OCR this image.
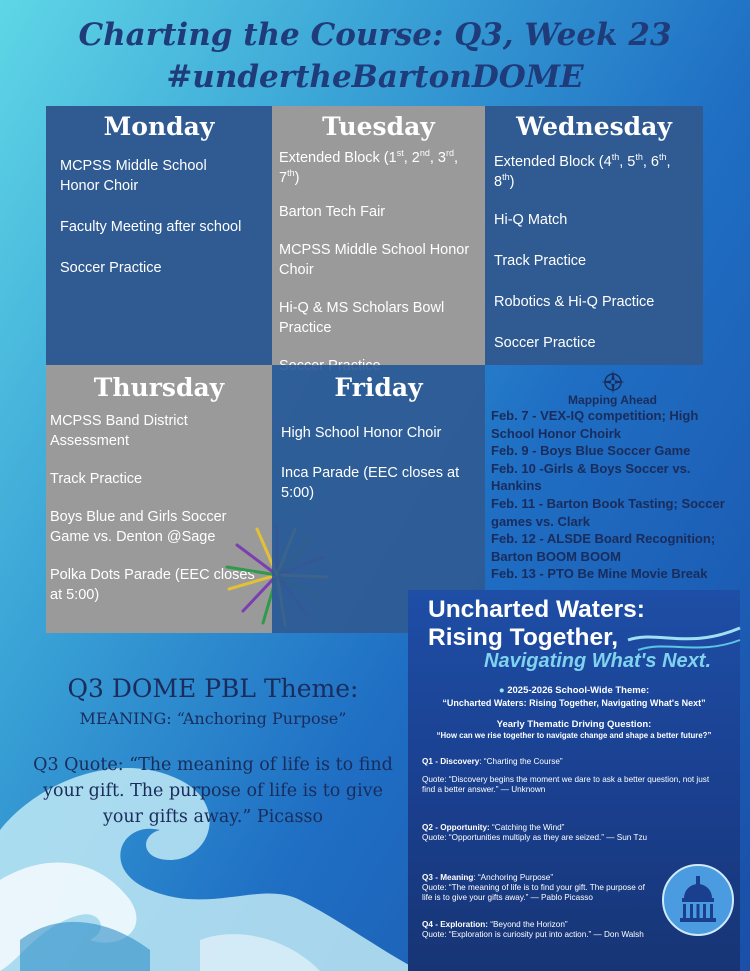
Charting the Course: Q3, Week 23
#undertheBartonDOME
Monday
MCPSS Middle School Honor Choir
Faculty Meeting after school
Soccer Practice
Tuesday
Extended Block (1st, 2nd, 3rd, 7th)
Barton Tech Fair
MCPSS Middle School Honor Choir
Hi-Q & MS Scholars Bowl Practice
Wednesday
Extended Block (4th, 5th, 6th, 8th)
Hi-Q Match
Track Practice
Robotics & Hi-Q Practice
Soccer Practice
Thursday
MCPSS Band District Assessment
Track Practice
Boys Blue and Girls Soccer Game vs. Denton @Sage
Polka Dots Parade (EEC closes at 5:00)
Friday
High School Honor Choir
Inca Parade (EEC closes at 5:00)
Mapping Ahead
Feb. 7 - VEX-IQ competition; High School Honor Choirk
Feb. 9 - Boys Blue Soccer Game
Feb. 10 -Girls & Boys Soccer vs. Hankins
Feb. 11 - Barton Book Tasting; Soccer games vs. Clark
Feb. 12 - ALSDE Board Recognition; Barton BOOM BOOM
Feb. 13 - PTO Be Mine Movie Break
Q3 DOME PBL Theme:
MEANING: “Anchoring Purpose”
Q3 Quote: “The meaning of life is to find your gift. The purpose of life is to give your gifts away.” Picasso
Uncharted Waters:
Rising Together,
Navigating What's Next.
● 2025-2026 School-Wide Theme:
“Uncharted Waters: Rising Together, Navigating What's Next”
Yearly Thematic Driving Question:
“How can we rise together to navigate change and shape a better future?”

Q1 - Discovery: “Charting the Course”

Quote: “Discovery begins the moment we dare to ask a better question, not just find a better answer.” — Unknown

Q2 - Opportunity: “Catching the Wind”

Quote: “Opportunities multiply as they are seized.” — Sun Tzu

Q3 - Meaning: “Anchoring Purpose”

Quote: “The meaning of life is to find your gift. The purpose of life is to give your gifts away.” — Pablo Picasso

Q4 - Exploration: “Beyond the Horizon”

Quote: “Exploration is curiosity put into action.” — Don Walsh
